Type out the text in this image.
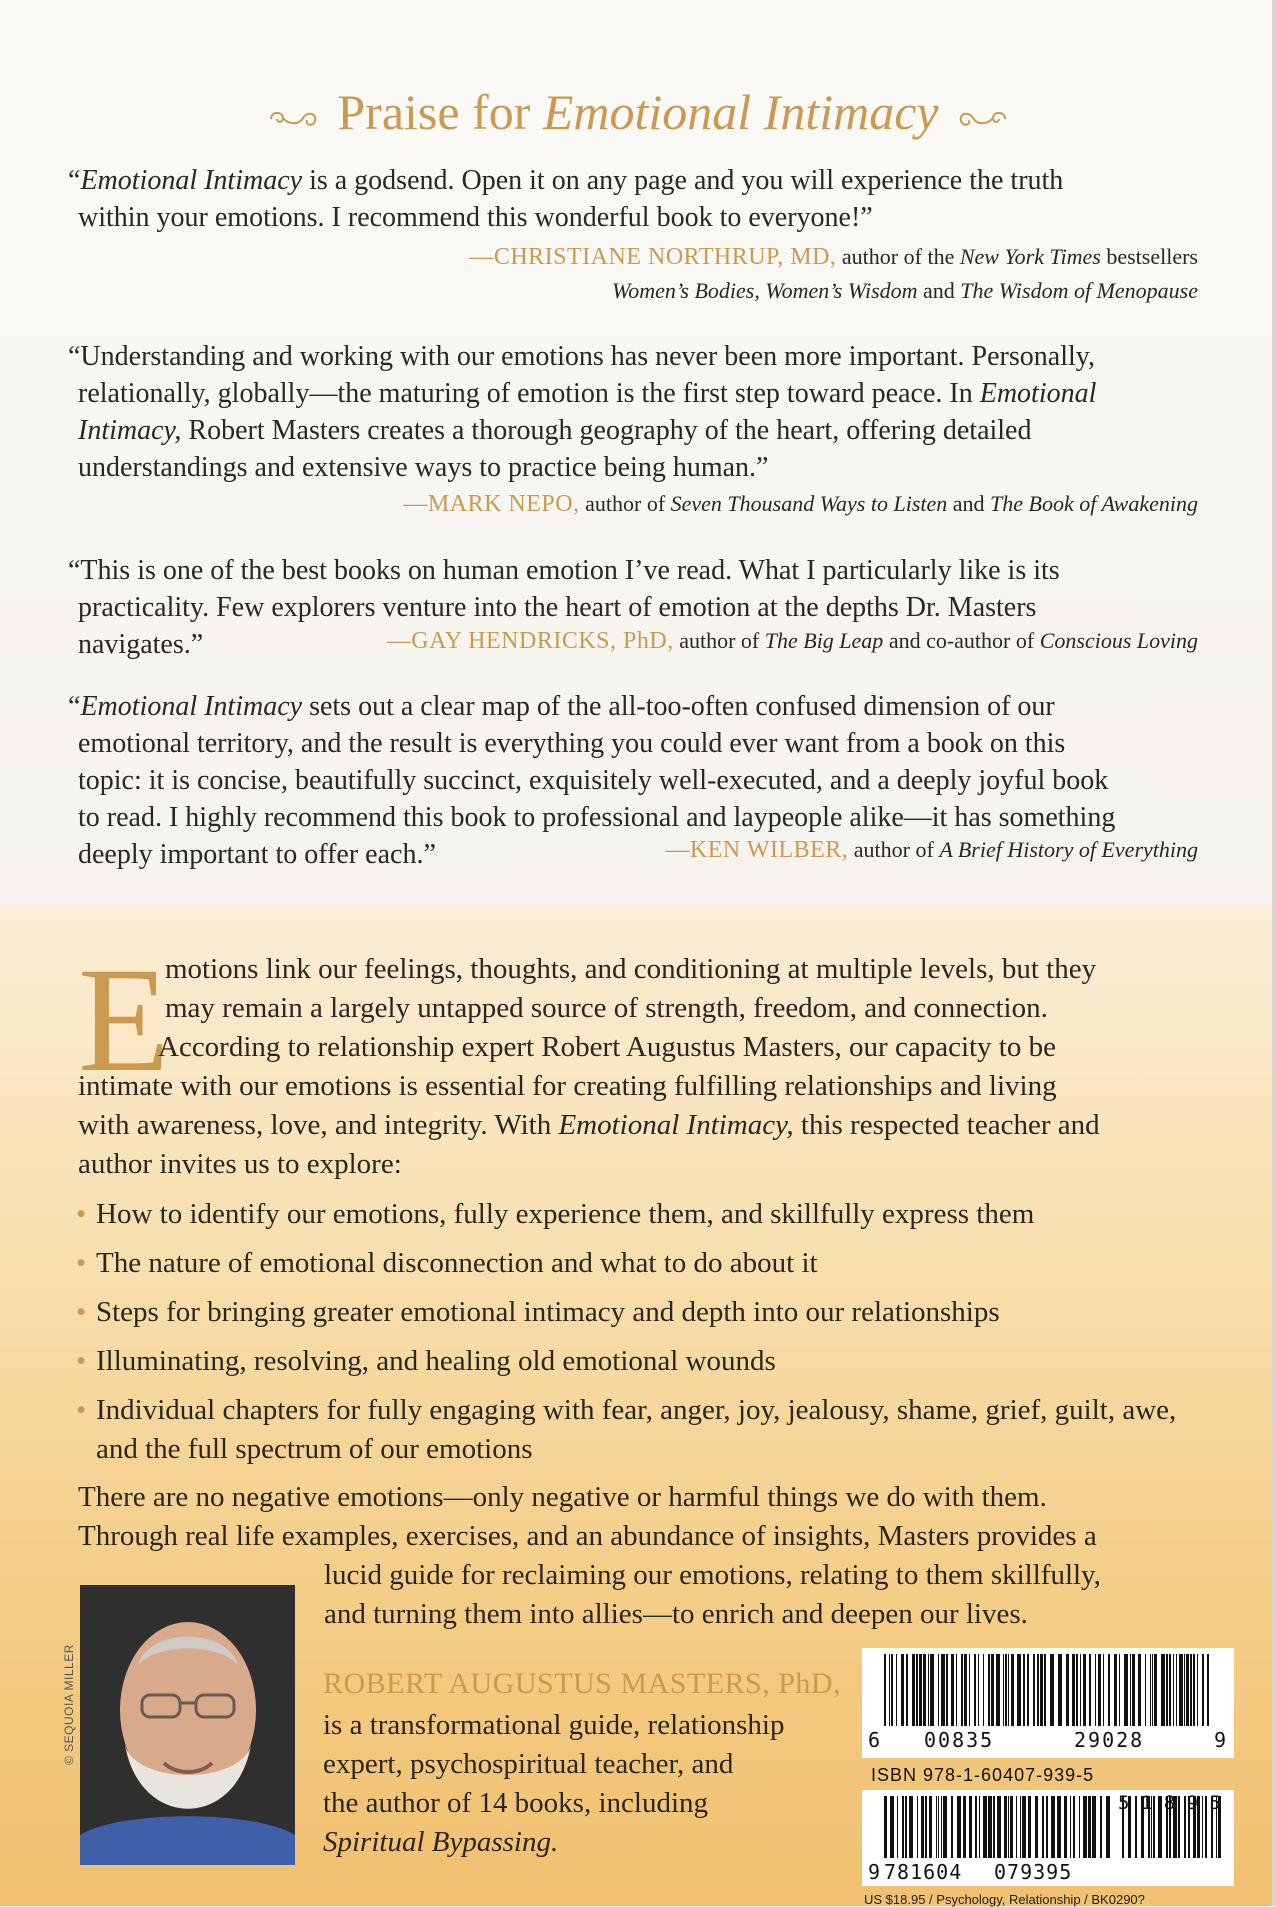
Praise for Emotional Intimacy
“Emotional Intimacy is a godsend. Open it on any page and you will experience the truth
within your emotions. I recommend this wonderful book to everyone!”
—CHRISTIANE NORTHRUP, MD, author of the New York Times bestsellers
Women’s Bodies, Women’s Wisdom and The Wisdom of Menopause
“Understanding and working with our emotions has never been more important. Personally,
relationally, globally—the maturing of emotion is the first step toward peace. In Emotional
Intimacy, Robert Masters creates a thorough geography of the heart, offering detailed
understandings and extensive ways to practice being human.”
—MARK NEPO, author of Seven Thousand Ways to Listen and The Book of Awakening
“This is one of the best books on human emotion I’ve read. What I particularly like is its
practicality. Few explorers venture into the heart of emotion at the depths Dr. Masters
navigates.”	—GAY HENDRICKS, PhD, author of The Big Leap and co-author of Conscious Loving
“Emotional Intimacy sets out a clear map of the all-too-often confused dimension of our
emotional territory, and the result is everything you could ever want from a book on this
topic: it is concise, beautifully succinct, exquisitely well-executed, and a deeply joyful book
to read. I highly recommend this book to professional and laypeople alike—it has something
deeply important to offer each.”	—KEN WILBER, author of A Brief History of Everything
E
motions link our feelings, thoughts, and conditioning at multiple levels, but they
may remain a largely untapped source of strength, freedom, and connection.
According to relationship expert Robert Augustus Masters, our capacity to be
intimate with our emotions is essential for creating fulfilling relationships and living
with awareness, love, and integrity. With Emotional Intimacy, this respected teacher and
author invites us to explore:
• How to identify our emotions, fully experience them, and skillfully express them
• The nature of emotional disconnection and what to do about it
• Steps for bringing greater emotional intimacy and depth into our relationships
• Illuminating, resolving, and healing old emotional wounds
• Individual chapters for fully engaging with fear, anger, joy, jealousy, shame, grief, guilt, awe, and the full spectrum of our emotions
There are no negative emotions—only negative or harmful things we do with them.
Through real life examples, exercises, and an abundance of insights, Masters provides a
lucid guide for reclaiming our emotions, relating to them skillfully,
and turning them into allies—to enrich and deepen our lives.
© SEQUOIA MILLER	ROBERT AUGUSTUS MASTERS, PhD,
is a transformational guide, relationship
expert, psychospiritual teacher, and
the author of 14 books, including
Spiritual Bypassing.
6 00835	29028	9
ISBN 978-1-60407-939-5
9 781604 079395
5 1 8 9 5
US $18.95 / Psychology, Relationship / BK0290?
